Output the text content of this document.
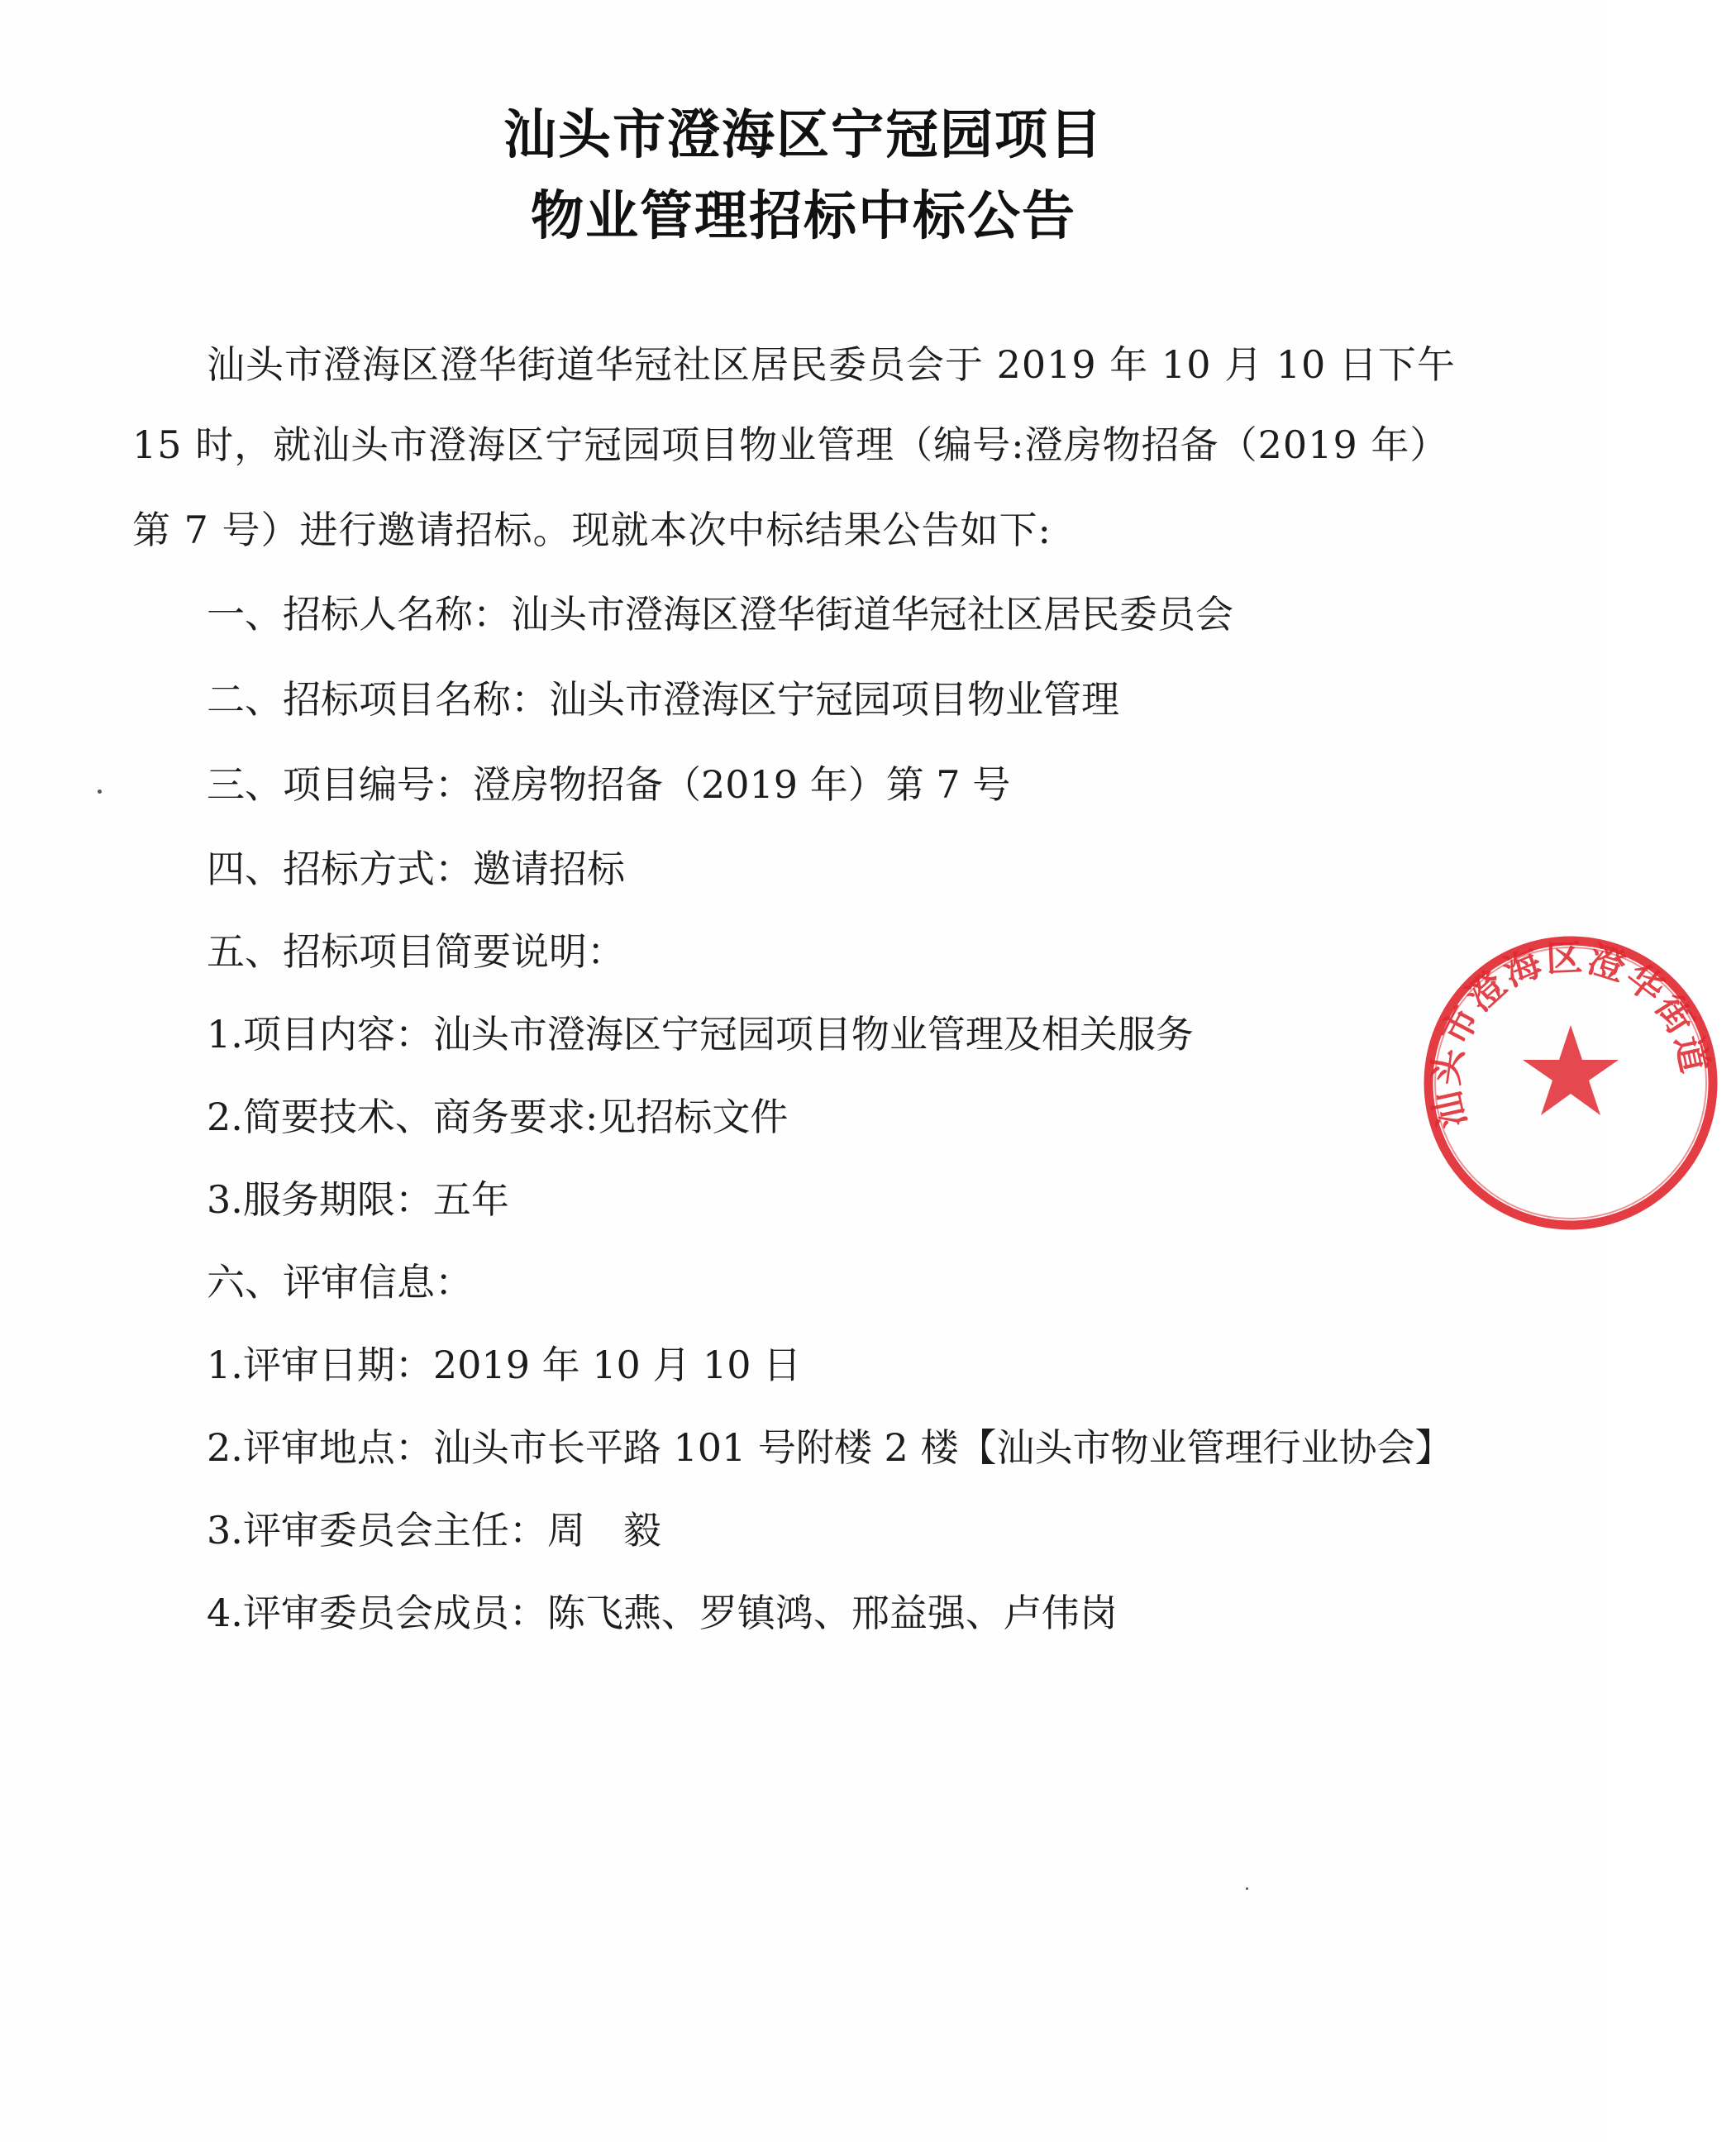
汕头市澄海区宁冠园项目
物业管理招标中标公告
汕头市澄海区澄华街道华冠社区居民委员会于 2019 年 10 月 10 日下午
15 时，就汕头市澄海区宁冠园项目物业管理（编号:澄房物招备（2019 年）
第 7 号）进行邀请招标。现就本次中标结果公告如下:
一、招标人名称：汕头市澄海区澄华街道华冠社区居民委员会
二、招标项目名称：汕头市澄海区宁冠园项目物业管理
三、项目编号：澄房物招备（2019 年）第 7 号
四、招标方式：邀请招标
五、招标项目简要说明：
1.项目内容：汕头市澄海区宁冠园项目物业管理及相关服务
2.简要技术、商务要求:见招标文件
3.服务期限：五年
六、评审信息：
1.评审日期：2019 年 10 月 10 日
2.评审地点：汕头市长平路 101 号附楼 2 楼【汕头市物业管理行业协会】
3.评审委员会主任：周　毅
4.评审委员会成员：陈飞燕、罗镇鸿、邢益强、卢伟岗
汕头市澄海区澄华街道
